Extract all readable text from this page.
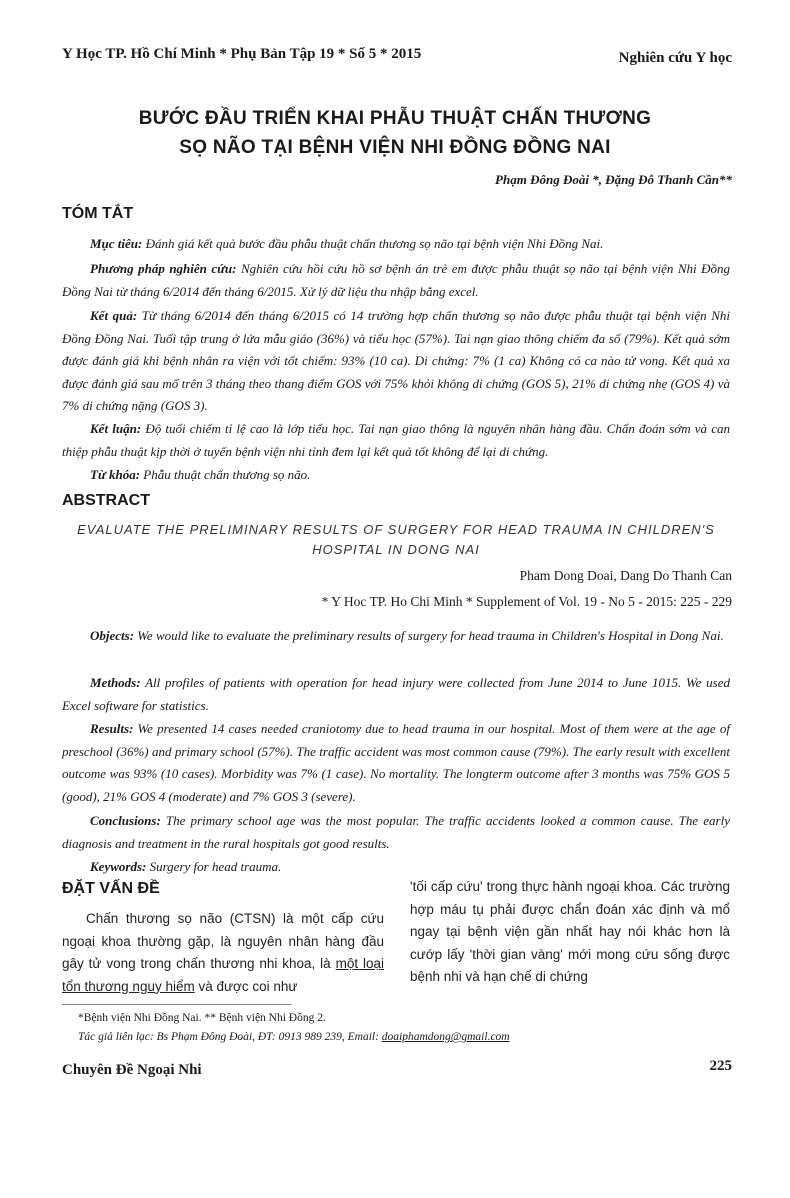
Y Học TP. Hồ Chí Minh * Phụ Bản Tập 19 * Số 5 * 2015	Nghiên cứu Y học
BƯỚC ĐẦU TRIỂN KHAI PHẪU THUẬT CHẤN THƯƠNG
SỌ NÃO TẠI BỆNH VIỆN NHI ĐỒNG ĐỒNG NAI
Phạm Đông Đoài *, Đặng Đỗ Thanh Cần**
TÓM TẮT
Mục tiêu: Đánh giá kết quả bước đầu phẫu thuật chấn thương sọ não tại bệnh viện Nhi Đồng Nai.
Phương pháp nghiên cứu: Nghiên cứu hồi cứu hồ sơ bệnh án trẻ em được phẫu thuật sọ não tại bệnh viện Nhi Đồng Đồng Nai từ tháng 6/2014 đến tháng 6/2015. Xử lý dữ liệu thu nhập bằng excel.
Kết quả: Từ tháng 6/2014 đến tháng 6/2015 có 14 trường hợp chấn thương sọ não được phẫu thuật tại bệnh viện Nhi Đồng Đồng Nai. Tuổi tập trung ở lứa mẫu giáo (36%) và tiểu học (57%). Tai nạn giao thông chiếm đa số (79%). Kết quả sớm được đánh giá khi bệnh nhân ra viện với tốt chiếm: 93% (10 ca). Di chứng: 7% (1 ca) Không có ca nào tử vong. Kết quả xa được đánh giá sau mổ trên 3 tháng theo thang điểm GOS với 75% khỏi không di chứng (GOS 5), 21% di chứng nhẹ (GOS 4) và 7% di chứng nặng (GOS 3).
Kết luận: Độ tuổi chiếm tỉ lệ cao là lớp tiểu học. Tai nạn giao thông là nguyên nhân hàng đầu. Chẩn đoán sớm và can thiệp phẫu thuật kịp thời ở tuyến bệnh viện nhi tỉnh đem lại kết quả tốt không để lại di chứng.
Từ khóa: Phẫu thuật chấn thương sọ não.
ABSTRACT
EVALUATE THE PRELIMINARY RESULTS OF SURGERY FOR HEAD TRAUMA IN CHILDREN'S
HOSPITAL IN DONG NAI
Pham Dong Doai, Dang Do Thanh Can
* Y Hoc TP. Ho Chi Minh * Supplement of Vol. 19 - No 5 - 2015: 225 - 229
Objects: We would like to evaluate the preliminary results of surgery for head trauma in Children's Hospital in Dong Nai.
Methods: All profiles of patients with operation for head injury were collected from June 2014 to June 1015. We used Excel software for statistics.
Results: We presented 14 cases needed craniotomy due to head trauma in our hospital. Most of them were at the age of preschool (36%) and primary school (57%). The traffic accident was most common cause (79%). The early result with excellent outcome was 93% (10 cases). Morbidity was 7% (1 case). No mortality. The longterm outcome after 3 months was 75% GOS 5 (good), 21% GOS 4 (moderate) and 7% GOS 3 (severe).
Conclusions: The primary school age was the most popular. The traffic accidents looked a common cause. The early diagnosis and treatment in the rural hospitals got good results.
Keywords: Surgery for head trauma.
ĐẶT VẤN ĐỀ
Chấn thương sọ não (CTSN) là một cấp cứu ngoại khoa thường gặp, là nguyên nhân hàng đầu gây tử vong trong chấn thương nhi khoa, là một loại tổn thương nguy hiểm và được coi như
'tối cấp cứu' trong thực hành ngoại khoa. Các trường hợp máu tụ phải được chẩn đoán xác định và mổ ngay tại bệnh viện gần nhất hay nói khác hơn là cướp lấy 'thời gian vàng' mới mong cứu sống được bệnh nhi và hạn chế di chứng
*Bệnh viện Nhi Đồng Nai. ** Bệnh viện Nhi Đồng 2.
Tác giả liên lạc: Bs Phạm Đông Đoài, ĐT: 0913 989 239, Email: doaiphamdong@gmail.com
Chuyên Đề Ngoại Nhi	225
